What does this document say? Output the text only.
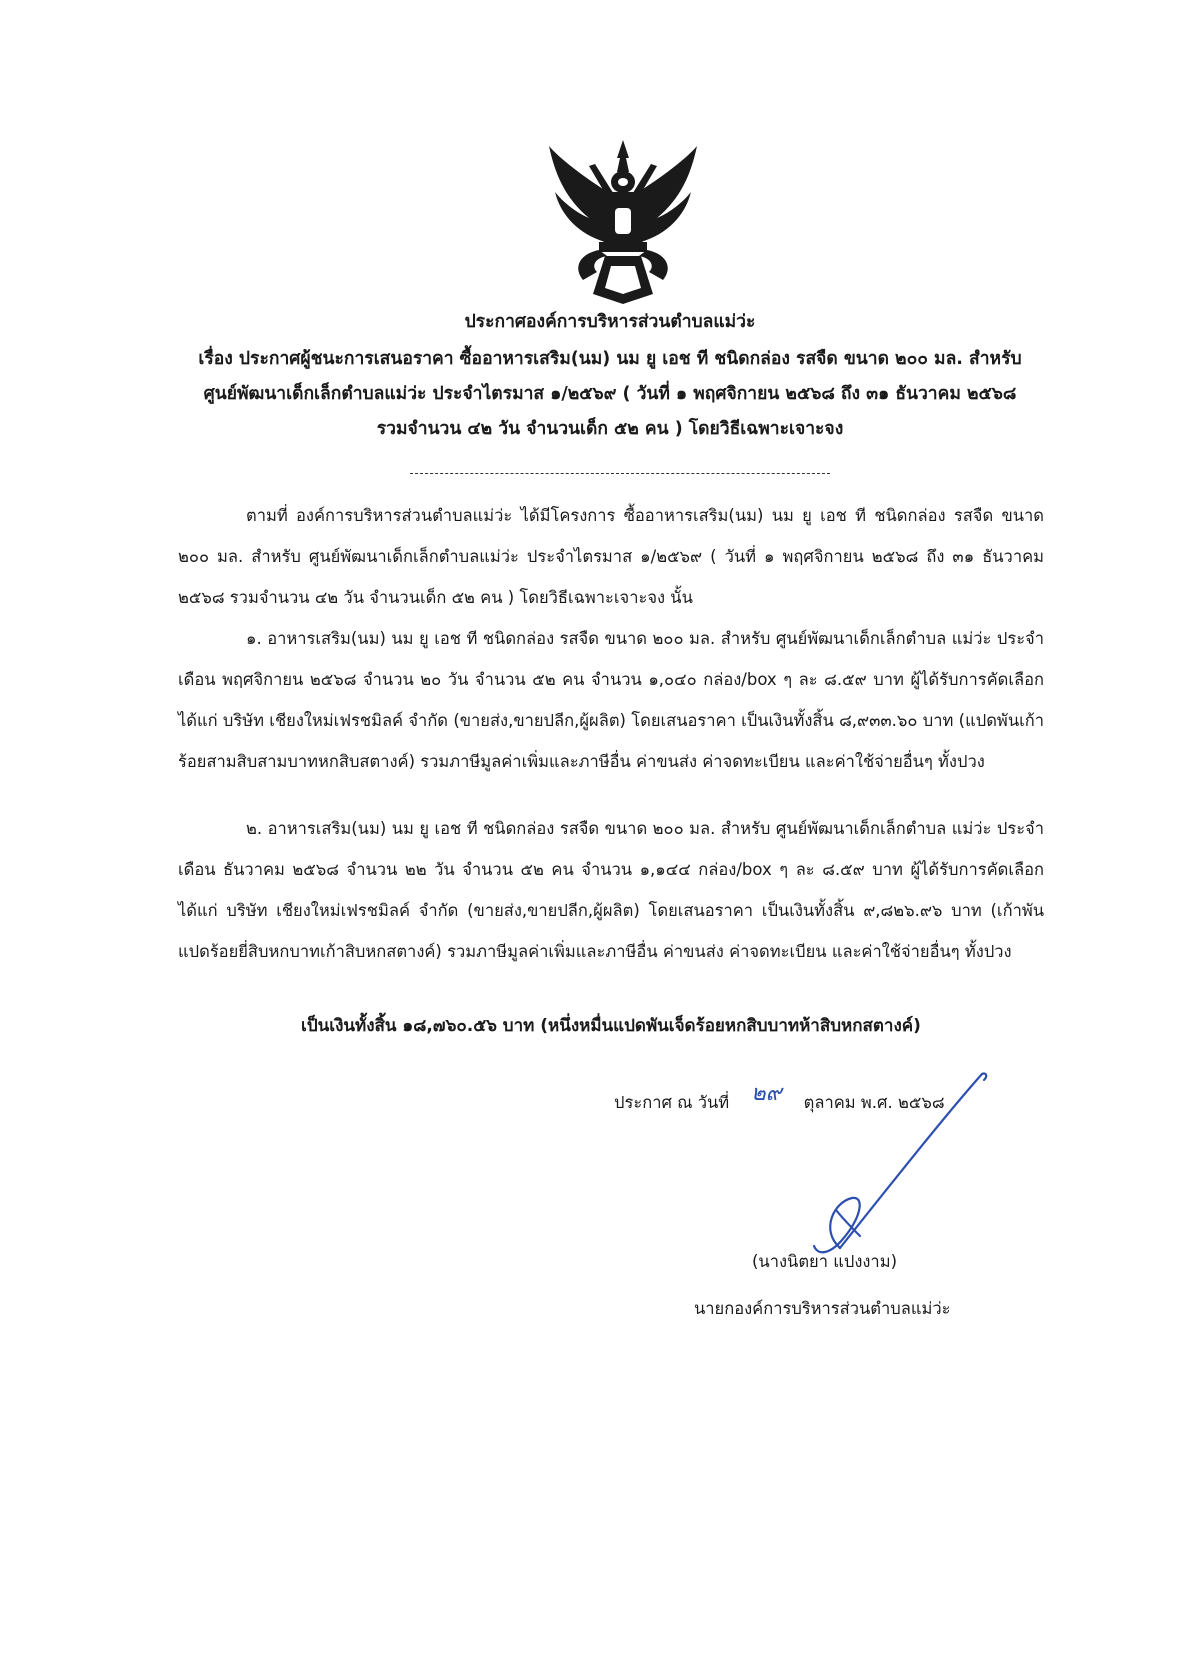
ประกาศองค์การบริหารส่วนตำบลแม่ว่ะ
เรื่อง ประกาศผู้ชนะการเสนอราคา ซื้ออาหารเสริม(นม) นม ยู เอช ที ชนิดกล่อง รสจืด ขนาด ๒๐๐ มล. สำหรับ
ศูนย์พัฒนาเด็กเล็กตำบลแม่ว่ะ ประจำไตรมาส ๑/๒๕๖๙ ( วันที่ ๑ พฤศจิกายน ๒๕๖๘ ถึง ๓๑ ธันวาคม ๒๕๖๘
รวมจำนวน ๔๒ วัน จำนวนเด็ก ๕๒ คน ) โดยวิธีเฉพาะเจาะจง
ตามที่ องค์การบริหารส่วนตำบลแม่ว่ะ ได้มีโครงการ ซื้ออาหารเสริม(นม) นม ยู เอช ที ชนิดกล่อง รสจืด ขนาด ๒๐๐ มล. สำหรับ ศูนย์พัฒนาเด็กเล็กตำบลแม่ว่ะ ประจำไตรมาส ๑/๒๕๖๙ ( วันที่ ๑ พฤศจิกายน ๒๕๖๘ ถึง ๓๑ ธันวาคม ๒๕๖๘ รวมจำนวน ๔๒ วัน จำนวนเด็ก ๕๒ คน ) โดยวิธีเฉพาะเจาะจง นั้น
๑. อาหารเสริม(นม) นม ยู เอช ที ชนิดกล่อง รสจืด ขนาด ๒๐๐ มล. สำหรับ ศูนย์พัฒนาเด็กเล็กตำบล แม่ว่ะ ประจำเดือน พฤศจิกายน ๒๕๖๘ จำนวน ๒๐ วัน จำนวน ๕๒ คน จำนวน ๑,๐๔๐ กล่อง/box ๆ ละ ๘.๕๙ บาท ผู้ได้รับการคัดเลือก ได้แก่ บริษัท เชียงใหม่เฟรชมิลค์ จำกัด (ขายส่ง,ขายปลีก,ผู้ผลิต) โดยเสนอราคา เป็นเงินทั้งสิ้น ๘,๙๓๓.๖๐ บาท (แปดพันเก้าร้อยสามสิบสามบาทหกสิบสตางค์) รวมภาษีมูลค่าเพิ่มและภาษีอื่น ค่าขนส่ง ค่าจดทะเบียน และค่าใช้จ่ายอื่นๆ ทั้งปวง
๒. อาหารเสริม(นม) นม ยู เอช ที ชนิดกล่อง รสจืด ขนาด ๒๐๐ มล. สำหรับ ศูนย์พัฒนาเด็กเล็กตำบล แม่ว่ะ ประจำเดือน ธันวาคม ๒๕๖๘ จำนวน ๒๒ วัน จำนวน ๕๒ คน จำนวน ๑,๑๔๔ กล่อง/box ๆ ละ ๘.๕๙ บาท ผู้ได้รับการคัดเลือก ได้แก่ บริษัท เชียงใหม่เฟรชมิลค์ จำกัด (ขายส่ง,ขายปลีก,ผู้ผลิต) โดยเสนอราคา เป็นเงินทั้งสิ้น ๙,๘๒๖.๙๖ บาท (เก้าพันแปดร้อยยี่สิบหกบาทเก้าสิบหกสตางค์) รวมภาษีมูลค่าเพิ่มและภาษีอื่น ค่าขนส่ง ค่าจดทะเบียน และค่าใช้จ่ายอื่นๆ ทั้งปวง
เป็นเงินทั้งสิ้น ๑๘,๗๖๐.๕๖ บาท (หนึ่งหมื่นแปดพันเจ็ดร้อยหกสิบบาทห้าสิบหกสตางค์)
ประกาศ ณ วันที่ ๒๙ ตุลาคม พ.ศ. ๒๕๖๘
(นางนิตยา แปงงาม)
นายกองค์การบริหารส่วนตำบลแม่ว่ะ
